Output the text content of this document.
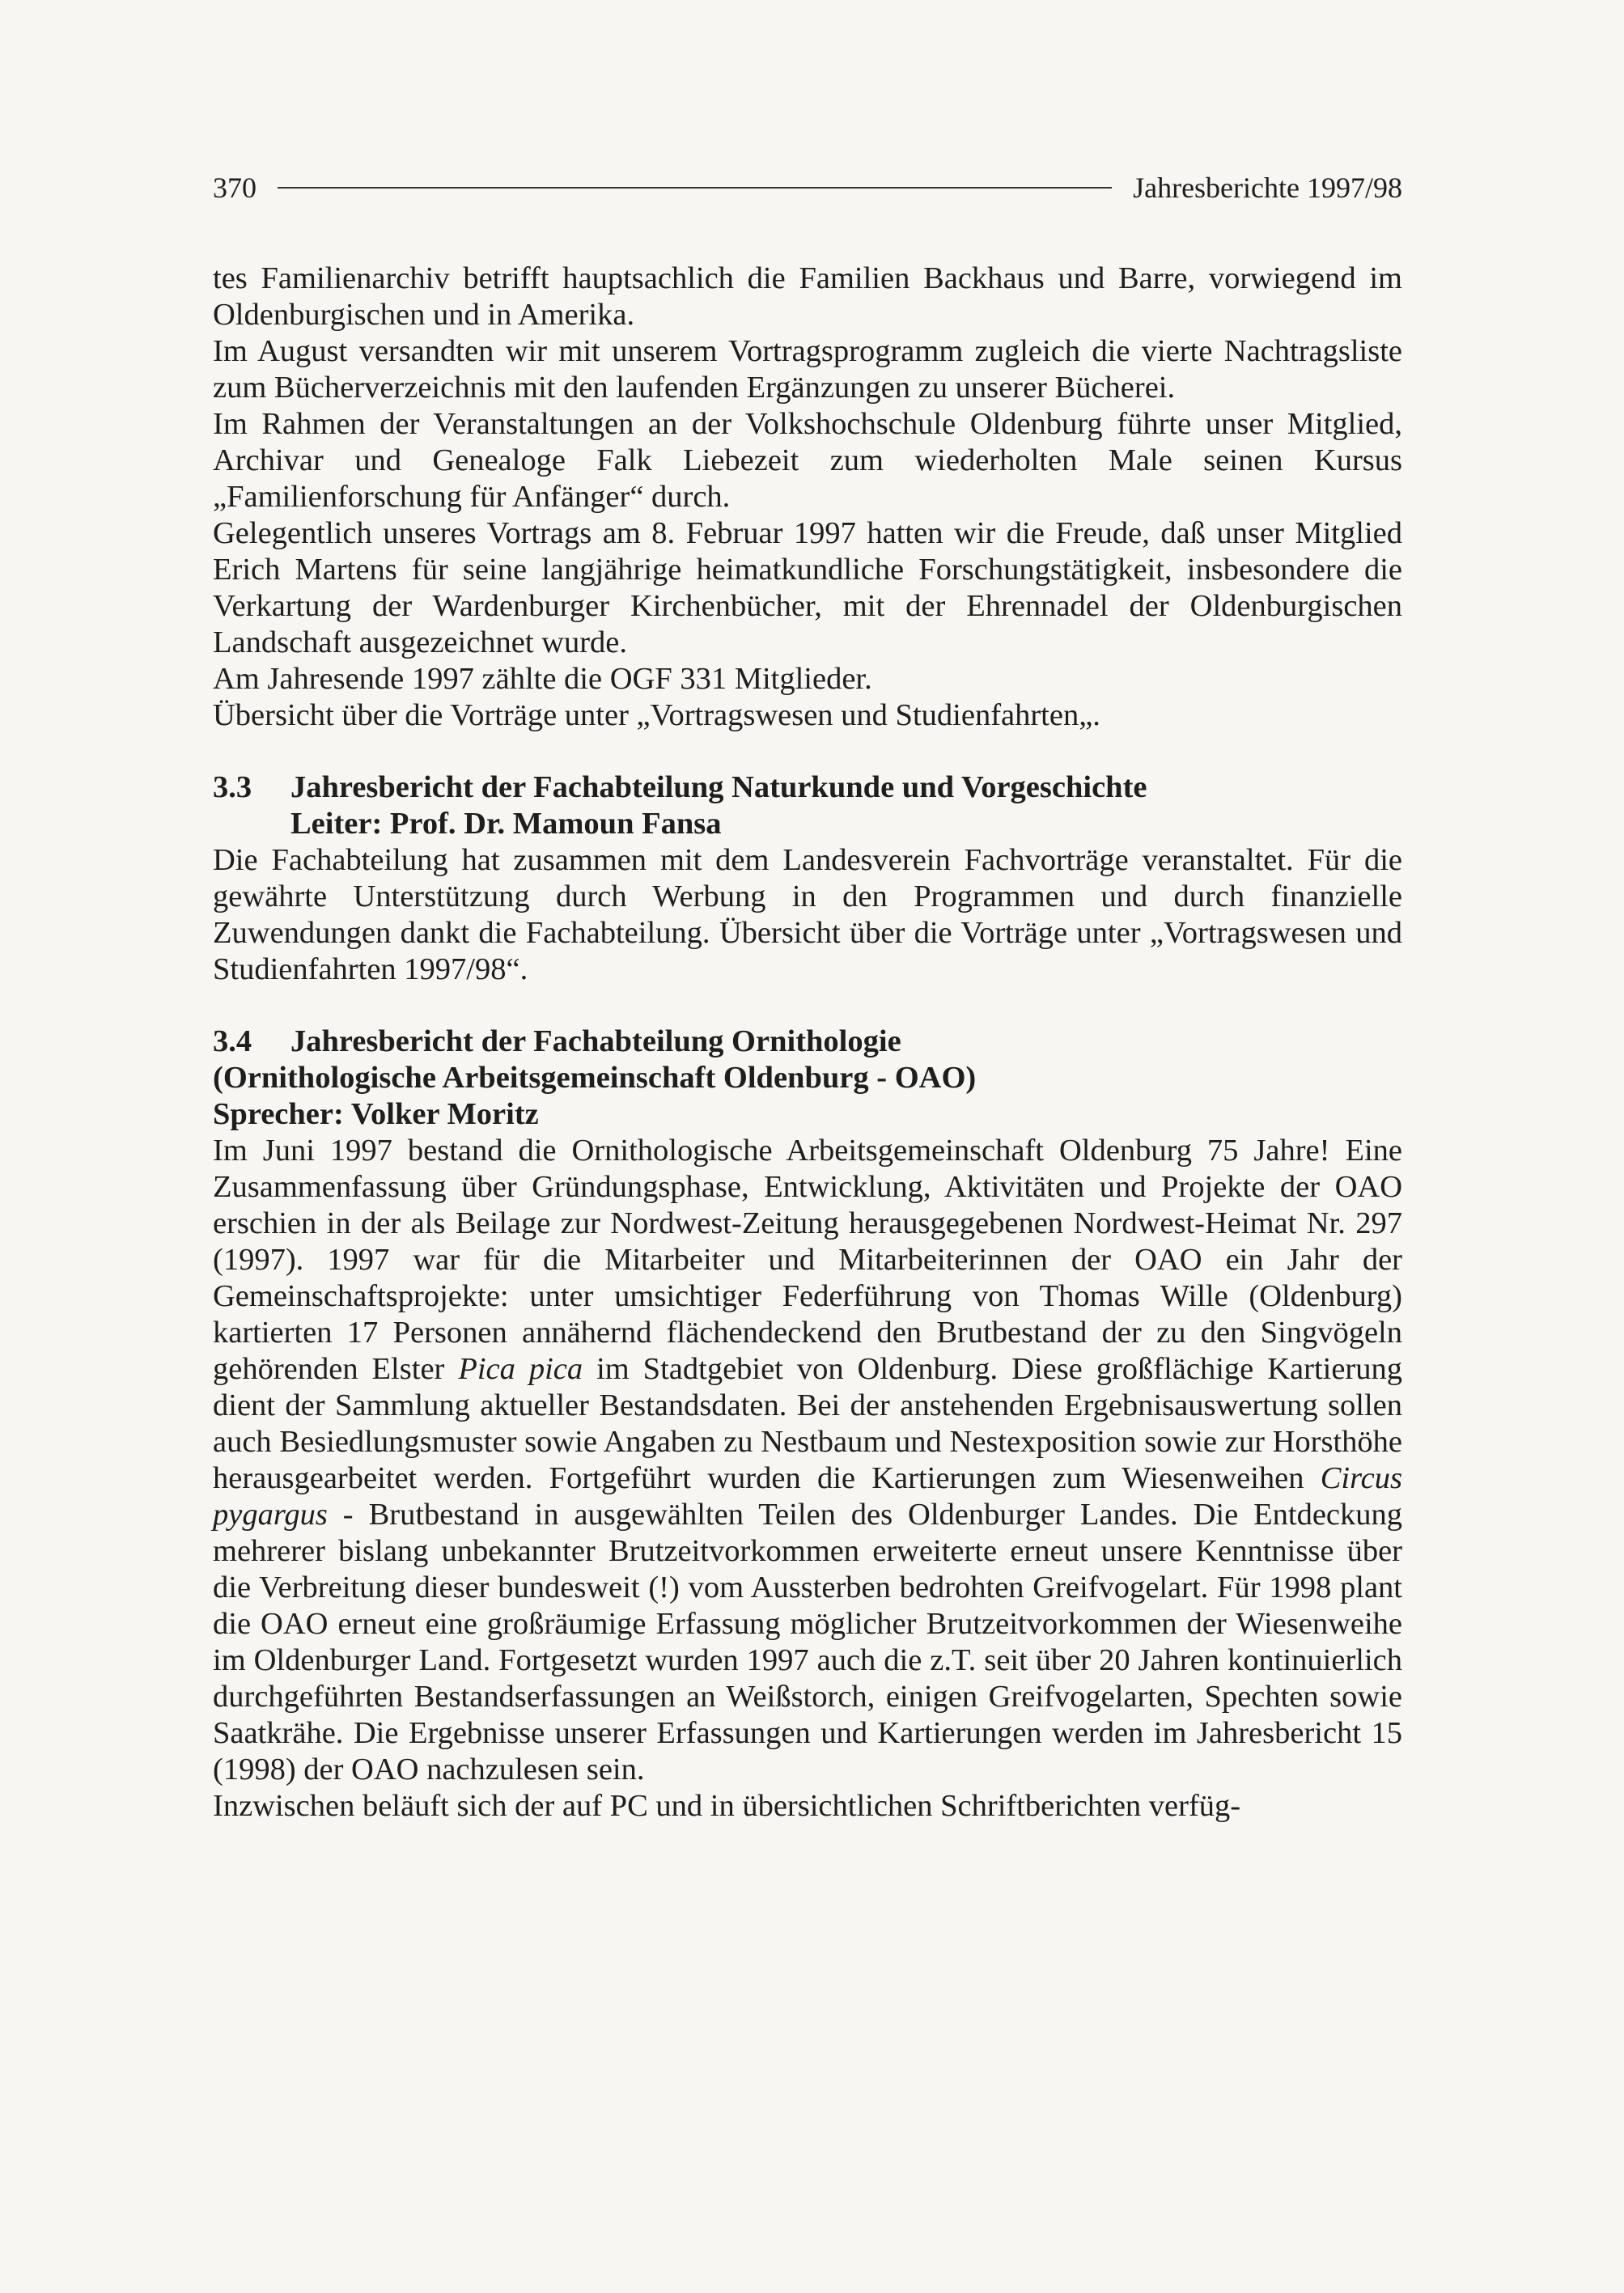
370	Jahresberichte 1997/98

tes Familienarchiv betrifft hauptsachlich die Familien Backhaus und Barre, vorwiegend im Oldenburgischen und in Amerika.

Im August versandten wir mit unserem Vortragsprogramm zugleich die vierte Nachtragsliste zum Bücherverzeichnis mit den laufenden Ergänzungen zu unserer Bücherei.

Im Rahmen der Veranstaltungen an der Volkshochschule Oldenburg führte unser Mitglied, Archivar und Genealoge Falk Liebezeit zum wiederholten Male seinen Kursus „Familienforschung für Anfänger“ durch.

Gelegentlich unseres Vortrags am 8. Februar 1997 hatten wir die Freude, daß unser Mitglied Erich Martens für seine langjährige heimatkundliche Forschungstätigkeit, insbesondere die Verkartung der Wardenburger Kirchenbücher, mit der Ehrennadel der Oldenburgischen Landschaft ausgezeichnet wurde.

Am Jahresende 1997 zählte die OGF 331 Mitglieder.

Übersicht über die Vorträge unter „Vortragswesen und Studienfahrten„.

3.3	Jahresbericht der Fachabteilung Naturkunde und Vorgeschichte
Leiter: Prof. Dr. Mamoun Fansa

Die Fachabteilung hat zusammen mit dem Landesverein Fachvorträge veranstaltet. Für die gewährte Unterstützung durch Werbung in den Programmen und durch finanzielle Zuwendungen dankt die Fachabteilung. Übersicht über die Vorträge unter „Vortragswesen und Studienfahrten 1997/98“.

3.4	Jahresbericht der Fachabteilung Ornithologie

(Ornithologische Arbeitsgemeinschaft Oldenburg - OAO)

Sprecher: Volker Moritz

Im Juni 1997 bestand die Ornithologische Arbeitsgemeinschaft Oldenburg 75 Jahre! Eine Zusammenfassung über Gründungsphase, Entwicklung, Aktivitäten und Projekte der OAO erschien in der als Beilage zur Nordwest-Zeitung herausgegebenen Nordwest-Heimat Nr. 297 (1997). 1997 war für die Mitarbeiter und Mitarbeiterinnen der OAO ein Jahr der Gemeinschaftsprojekte: unter umsichtiger Federführung von Thomas Wille (Oldenburg) kartierten 17 Personen annähernd flächendeckend den Brutbestand der zu den Singvögeln gehörenden Elster Pica pica im Stadtgebiet von Oldenburg. Diese großflächige Kartierung dient der Sammlung aktueller Bestandsdaten. Bei der anstehenden Ergebnisauswertung sollen auch Besiedlungsmuster sowie Angaben zu Nestbaum und Nestexposition sowie zur Horsthöhe herausgearbeitet werden. Fortgeführt wurden die Kartierungen zum Wiesenweihen Circus pygargus - Brutbestand in ausgewählten Teilen des Oldenburger Landes. Die Entdeckung mehrerer bislang unbekannter Brutzeitvorkommen erweiterte erneut unsere Kenntnisse über die Verbreitung dieser bundesweit (!) vom Aussterben bedrohten Greifvogelart. Für 1998 plant die OAO erneut eine großräumige Erfassung möglicher Brutzeitvorkommen der Wiesenweihe im Oldenburger Land. Fortgesetzt wurden 1997 auch die z.T. seit über 20 Jahren kontinuierlich durchgeführten Bestandserfassungen an Weißstorch, einigen Greifvogelarten, Spechten sowie Saatkrähe. Die Ergebnisse unserer Erfassungen und Kartierungen werden im Jahresbericht 15 (1998) der OAO nachzulesen sein.

Inzwischen beläuft sich der auf PC und in übersichtlichen Schriftberichten verfüg-
